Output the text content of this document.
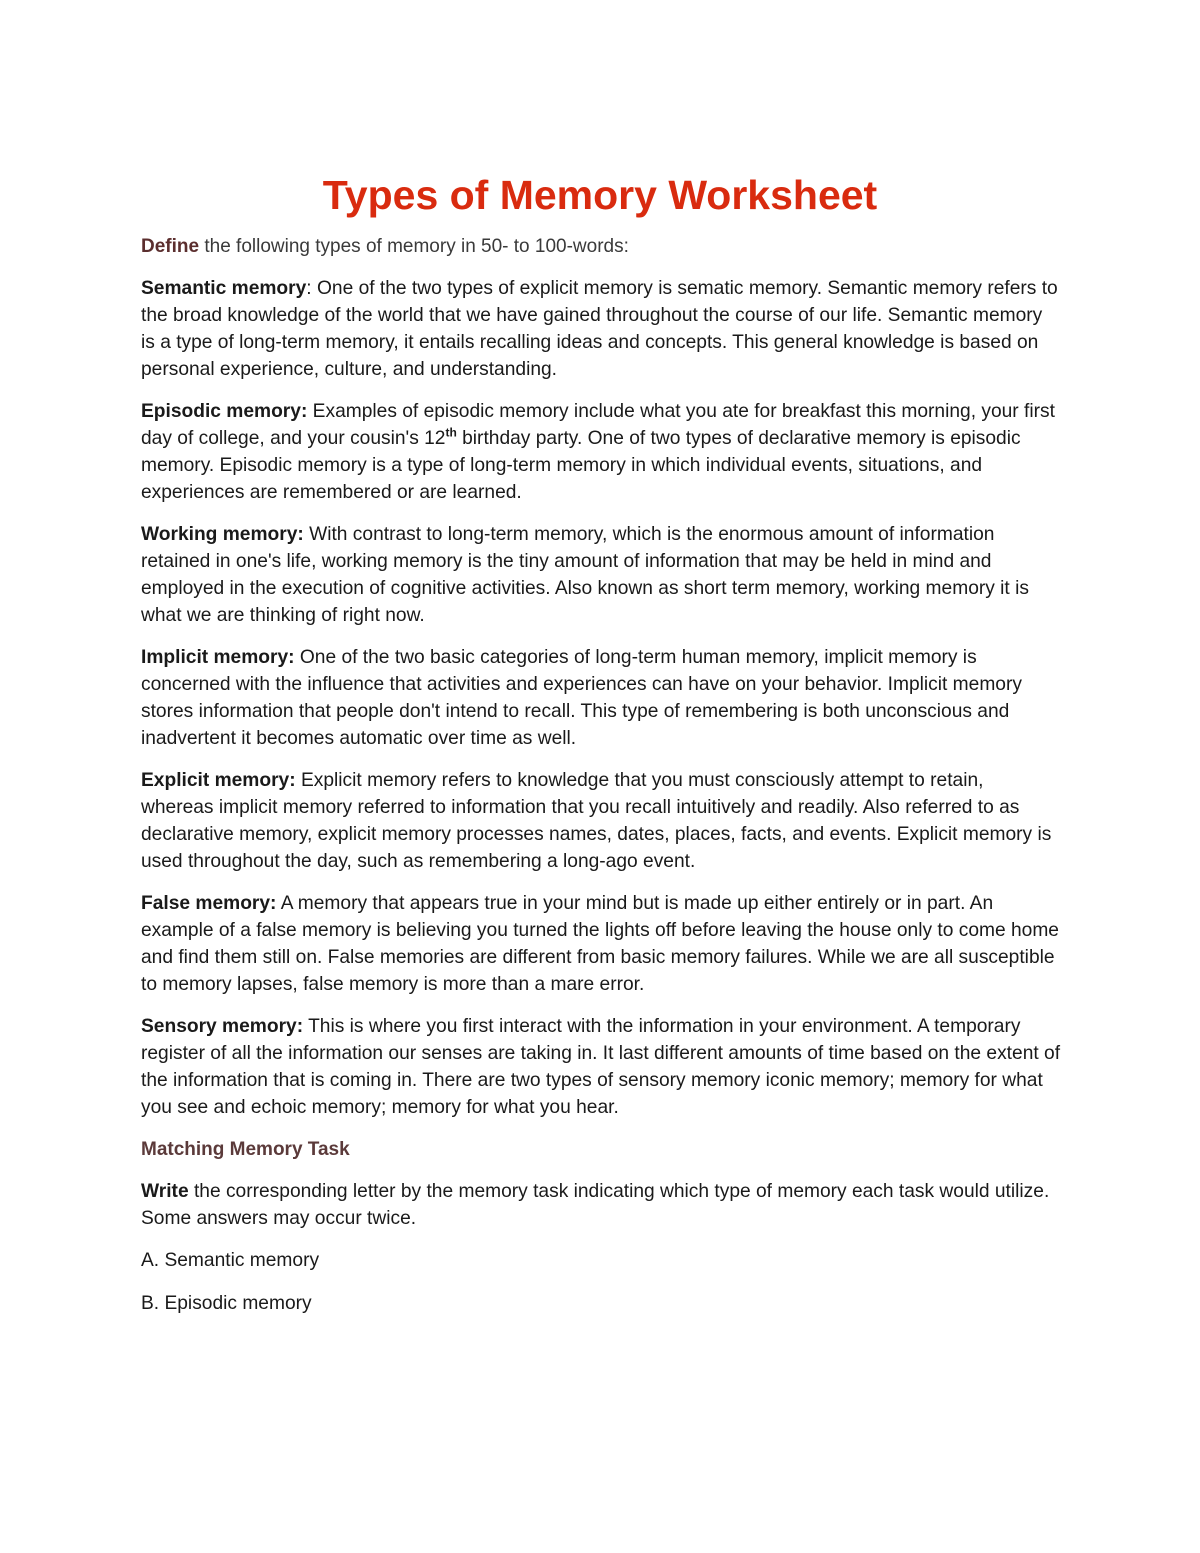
Types of Memory Worksheet

Define the following types of memory in 50- to 100-words:

Semantic memory: One of the two types of explicit memory is sematic memory. Semantic memory refers to the broad knowledge of the world that we have gained throughout the course of our life. Semantic memory is a type of long-term memory, it entails recalling ideas and concepts. This general knowledge is based on personal experience, culture, and understanding.

Episodic memory: Examples of episodic memory include what you ate for breakfast this morning, your first day of college, and your cousin's 12th birthday party. One of two types of declarative memory is episodic memory. Episodic memory is a type of long-term memory in which individual events, situations, and experiences are remembered or are learned.

Working memory: With contrast to long-term memory, which is the enormous amount of information retained in one's life, working memory is the tiny amount of information that may be held in mind and employed in the execution of cognitive activities. Also known as short term memory, working memory it is what we are thinking of right now.

Implicit memory: One of the two basic categories of long-term human memory, implicit memory is concerned with the influence that activities and experiences can have on your behavior. Implicit memory stores information that people don't intend to recall. This type of remembering is both unconscious and inadvertent it becomes automatic over time as well.

Explicit memory: Explicit memory refers to knowledge that you must consciously attempt to retain, whereas implicit memory referred to information that you recall intuitively and readily. Also referred to as declarative memory, explicit memory processes names, dates, places, facts, and events. Explicit memory is used throughout the day, such as remembering a long-ago event.

False memory: A memory that appears true in your mind but is made up either entirely or in part. An example of a false memory is believing you turned the lights off before leaving the house only to come home and find them still on. False memories are different from basic memory failures. While we are all susceptible to memory lapses, false memory is more than a mare error.

Sensory memory: This is where you first interact with the information in your environment. A temporary register of all the information our senses are taking in. It last different amounts of time based on the extent of the information that is coming in. There are two types of sensory memory iconic memory; memory for what you see and echoic memory; memory for what you hear.

Matching Memory Task

Write the corresponding letter by the memory task indicating which type of memory each task would utilize. Some answers may occur twice.

A. Semantic memory

B. Episodic memory
